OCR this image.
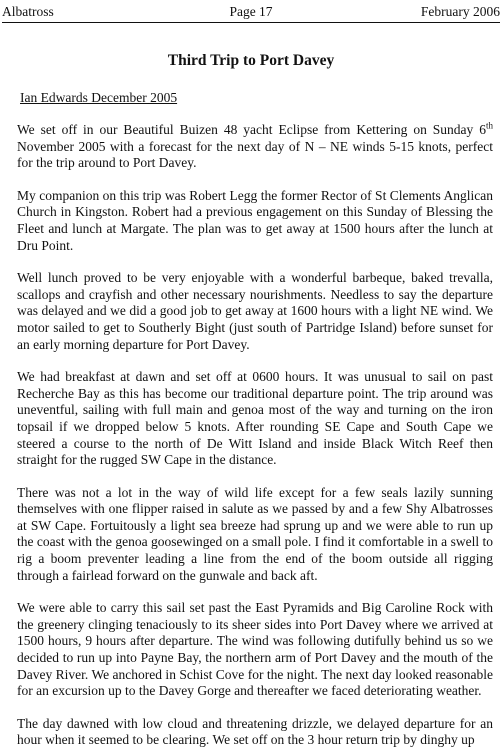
Albatross	Page 17	February 2006
Third Trip to Port Davey
Ian Edwards December 2005

We set off in our Beautiful Buizen 48 yacht Eclipse from Kettering on Sunday 6th November 2005 with a forecast for the next day of N – NE winds 5-15 knots, perfect for the trip around to Port Davey.

My companion on this trip was Robert Legg the former Rector of St Clements Anglican Church in Kingston. Robert had a previous engagement on this Sunday of Blessing the Fleet and lunch at Margate. The plan was to get away at 1500 hours after the lunch at Dru Point.

Well lunch proved to be very enjoyable with a wonderful barbeque, baked trevalla, scallops and crayfish and other necessary nourishments. Needless to say the departure was delayed and we did a good job to get away at 1600 hours with a light NE wind. We motor sailed to get to Southerly Bight (just south of Partridge Island) before sunset for an early morning departure for Port Davey.

We had breakfast at dawn and set off at 0600 hours. It was unusual to sail on past Recherche Bay as this has become our traditional departure point. The trip around was uneventful, sailing with full main and genoa most of the way and turning on the iron topsail if we dropped below 5 knots. After rounding SE Cape and South Cape we steered a course to the north of De Witt Island and inside Black Witch Reef then straight for the rugged SW Cape in the distance.

There was not a lot in the way of wild life except for a few seals lazily sunning themselves with one flipper raised in salute as we passed by and a few Shy Albatrosses at SW Cape. Fortuitously a light sea breeze had sprung up and we were able to run up the coast with the genoa goosewinged on a small pole. I find it comfortable in a swell to rig a boom preventer leading a line from the end of the boom outside all rigging through a fairlead forward on the gunwale and back aft.

We were able to carry this sail set past the East Pyramids and Big Caroline Rock with the greenery clinging tenaciously to its sheer sides into Port Davey where we arrived at 1500 hours, 9 hours after departure. The wind was following dutifully behind us so we decided to run up into Payne Bay, the northern arm of Port Davey and the mouth of the Davey River. We anchored in Schist Cove for the night. The next day looked reasonable for an excursion up to the Davey Gorge and thereafter we faced deteriorating weather.

The day dawned with low cloud and threatening drizzle, we delayed departure for an hour when it seemed to be clearing. We set off on the 3 hour return trip by dinghy up
